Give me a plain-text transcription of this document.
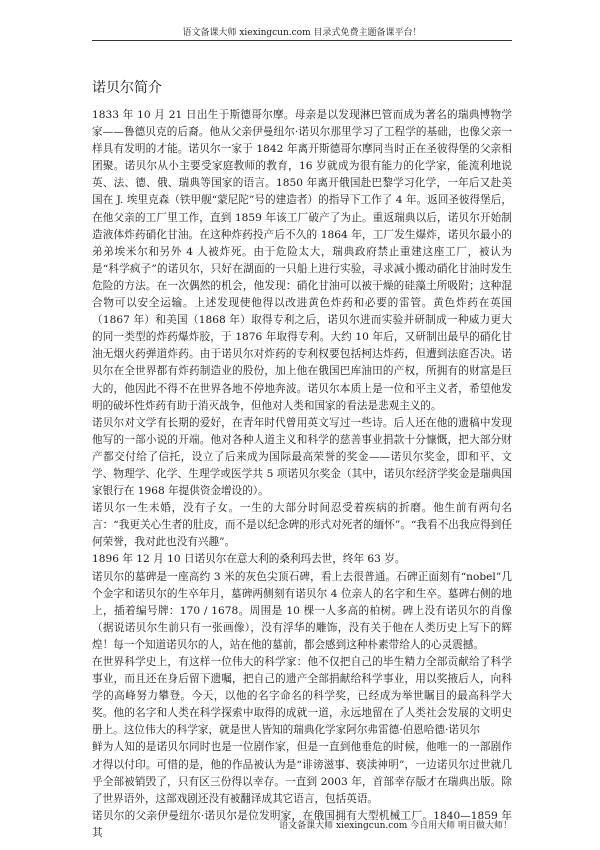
语文备课大师 xiexingcun.com 目录式免费主题备课平台！
诺贝尔简介

1833 年 10 月 21 日出生于斯德哥尔摩。母亲是以发现淋巴管而成为著名的瑞典博物学家——鲁德贝克的后裔。他从父亲伊曼纽尔·诺贝尔那里学习了工程学的基础，也像父亲一样具有发明的才能。诺贝尔一家于 1842 年离开斯德哥尔摩同当时正在圣彼得堡的父亲相团聚。诺贝尔从小主要受家庭教师的教育，16 岁就成为很有能力的化学家，能流利地说英、法、德、俄、瑞典等国家的语言。1850 年离开俄国赴巴黎学习化学，一年后又赴美国在 J. 埃里克森（铁甲舰“蒙尼陀”号的建造者）的指导下工作了 4 年。返回圣彼得堡后，在他父亲的工厂里工作，直到 1859 年该工厂破产了为止。重返瑞典以后，诺贝尔开始制造液体炸药硝化甘油。在这种炸药投产后不久的 1864 年，工厂发生爆炸，诺贝尔最小的弟弟埃米尔和另外 4 人被炸死。由于危险太大，瑞典政府禁止重建这座工厂，被认为是“科学疯子”的诺贝尔，只好在湖面的一只船上进行实验，寻求减小搬动硝化甘油时发生危险的方法。在一次偶然的机会，他发现：硝化甘油可以被干燥的硅藻土所吸附；这种混合物可以安全运输。上述发现使他得以改进黄色炸药和必要的雷管。黄色炸药在英国（1867 年）和美国（1868 年）取得专利之后，诺贝尔进而实验并研制成一种威力更大的同一类型的炸药爆炸胶，于 1876 年取得专利。大约 10 年后，又研制出最早的硝化甘油无烟火药弹道炸药。由于诺贝尔对炸药的专利权要包括柯达炸药，但遭到法庭否决。诺贝尔在全世界都有炸药制造业的股份，加上他在俄国巴库油田的产权，所拥有的财富是巨大的，他因此不得不在世界各地不停地奔波。诺贝尔本质上是一位和平主义者，希望他发明的破坏性炸药有助于消灭战争，但他对人类和国家的看法是悲观主义的。

诺贝尔对文学有长期的爱好，在青年时代曾用英文写过一些诗。后人还在他的遗稿中发现他写的一部小说的开端。他对各种人道主义和科学的慈善事业捐款十分慷慨，把大部分财产都交付给了信托，设立了后来成为国际最高荣誉的奖金——诺贝尔奖金，即和平、文学、物理学、化学、生理学或医学共 5 项诺贝尔奖金（其中，诺贝尔经济学奖金是瑞典国家银行在 1968 年提供资金增设的）。

诺贝尔一生未婚，没有子女。一生的大部分时间忍受着疾病的折磨。他生前有两句名言：“我更关心生者的肚皮，而不是以纪念碑的形式对死者的缅怀”。“我看不出我应得到任何荣誉，我对此也没有兴趣”。

1896 年 12 月 10 日诺贝尔在意大利的桑利玛去世，终年 63 岁。

诺贝尔的墓碑是一座高约 3 米的灰色尖顶石碑，看上去很普通。石碑正面刻有“nobel”几个金字和诺贝尔的生卒年月，墓碑两侧刻有诺贝尔 4 位亲人的名字和生卒。墓碑右侧的地上，插着编号牌：170 / 1678。周围是 10 棵一人多高的柏树。碑上没有诺贝尔的肖像（据说诺贝尔生前只有一张画像），没有浮华的雕饰，没有关于他在人类历史上写下的辉煌！每一个知道诺贝尔的人，站在他的墓前，都会感到这种朴素带给人的心灵震撼。

在世界科学史上，有这样一位伟大的科学家：他不仅把自己的毕生精力全部贡献给了科学事业，而且还在身后留下遗嘱，把自己的遗产全部捐献给科学事业，用以奖掖后人，向科学的高峰努力攀登。今天，以他的名字命名的科学奖，已经成为举世瞩目的最高科学大奖。他的名字和人类在科学探索中取得的成就一道，永远地留在了人类社会发展的文明史册上。这位伟大的科学家，就是世人皆知的瑞典化学家阿尔弗雷德·伯恩哈德·诺贝尔

鲜为人知的是诺贝尔同时也是一位剧作家，但是一直到他垂危的时候，他唯一的一部剧作才得以付印。可惜的是，他的作品被认为是“诽谤滋事、亵渎神明”，一边诺贝尔过世就几乎全部被销毁了，只有区三份得以幸存。一直到 2003 年，首部幸存版才在瑞典出版。除了世界语外，这部戏剧还没有被翻译成其它语言，包括英语。

诺贝尔的父亲伊曼纽尔·诺贝尔是位发明家，在俄国拥有大型机械工厂。1840—1859 年其

语文备课大师 xiexingcun.com 今日用大师 明日做大师！
